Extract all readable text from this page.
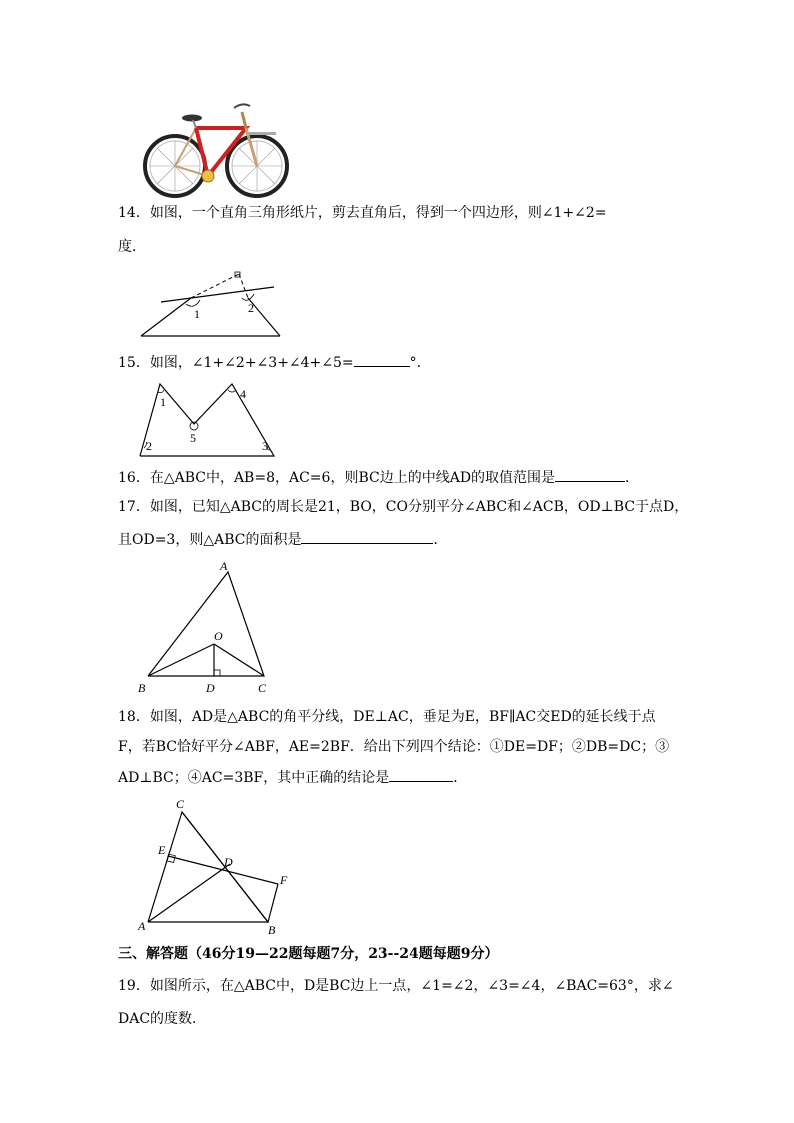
14．如图，一个直角三角形纸片，剪去直角后，得到一个四边形，则∠1+∠2=
度．
1	2
15．如图，∠1+∠2+∠3+∠4+∠5=	°．
1
2	3
4
5
16．在△ABC中，AB=8，AC=6，则BC边上的中线AD的取值范围是	．
17．如图，已知△ABC的周长是21，BO，CO分别平分∠ABC和∠ACB，OD⊥BC于点D，
且OD=3，则△ABC的面积是	．
A
O
B	D	C
18．如图，AD是△ABC的角平分线，DE⊥AC，垂足为E，BF∥AC交ED的延长线于点
F，若BC恰好平分∠ABF，AE=2BF．给出下列四个结论：①DE=DF；②DB=DC；③
AD⊥BC；④AC=3BF，其中正确的结论是	．
C
E
D
F
A	B
三、解答题（46分19—22题每题7分，23--24题每题9分）
19．如图所示，在△ABC中，D是BC边上一点，∠1=∠2，∠3=∠4，∠BAC=63°，求∠
DAC的度数．
